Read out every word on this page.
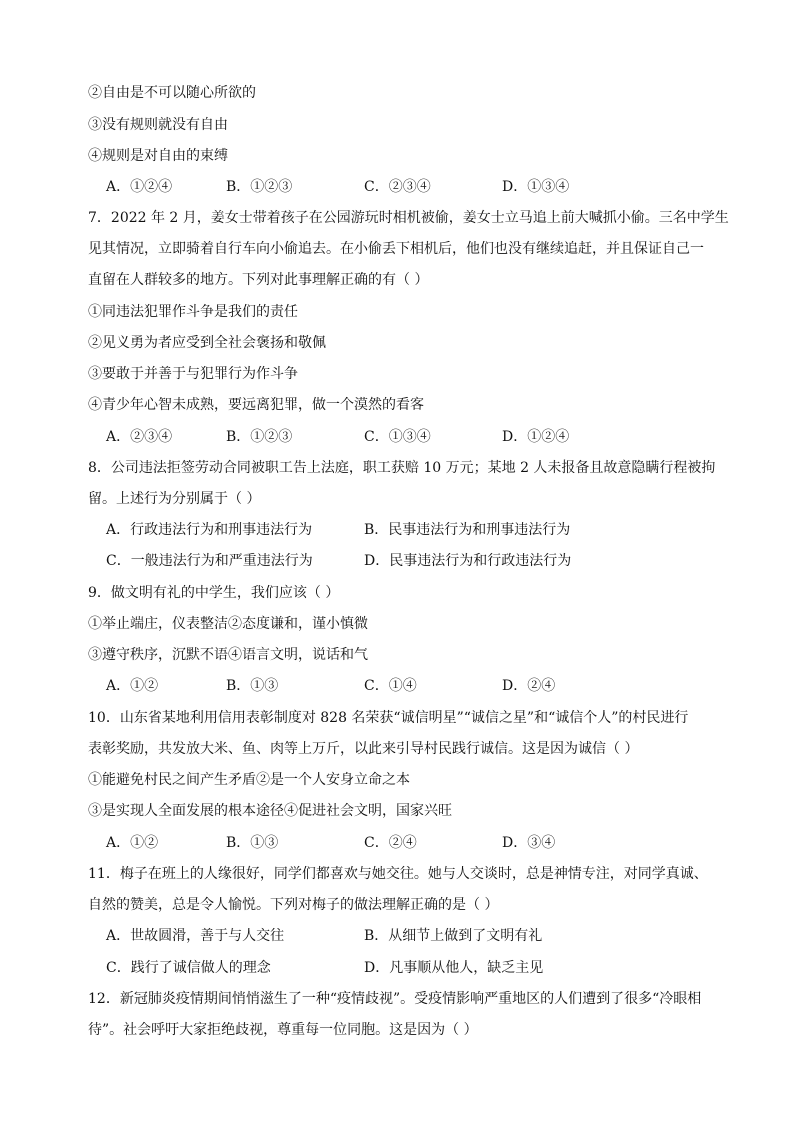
②自由是不可以随心所欲的
③没有规则就没有自由
④规则是对自由的束缚
A．①②④	B．①②③	C．②③④	D．①③④
7．2022 年 2 月，姜女士带着孩子在公园游玩时相机被偷，姜女士立马追上前大喊抓小偷。三名中学生
见其情况，立即骑着自行车向小偷追去。在小偷丢下相机后，他们也没有继续追赶，并且保证自己一
直留在人群较多的地方。下列对此事理解正确的有（ ）
①同违法犯罪作斗争是我们的责任
②见义勇为者应受到全社会褒扬和敬佩
③要敢于并善于与犯罪行为作斗争
④青少年心智未成熟，要远离犯罪，做一个漠然的看客
A．②③④	B．①②③	C．①③④	D．①②④
8．公司违法拒签劳动合同被职工告上法庭，职工获赔 10 万元；某地 2 人未报备且故意隐瞒行程被拘
留。上述行为分别属于（ ）
A．行政违法行为和刑事违法行为	B．民事违法行为和刑事违法行为
C．一般违法行为和严重违法行为	D．民事违法行为和行政违法行为
9．做文明有礼的中学生，我们应该（ ）
①举止端庄，仪表整洁②态度谦和，谨小慎微
③遵守秩序，沉默不语④语言文明，说话和气
A．①②	B．①③	C．①④	D．②④
10．山东省某地利用信用表彰制度对 828 名荣获“诚信明星”“诚信之星”和“诚信个人”的村民进行
表彰奖励，共发放大米、鱼、肉等上万斤，以此来引导村民践行诚信。这是因为诚信（ ）
①能避免村民之间产生矛盾②是一个人安身立命之本
③是实现人全面发展的根本途径④促进社会文明，国家兴旺
A．①②	B．①③	C．②④	D．③④
11．梅子在班上的人缘很好，同学们都喜欢与她交往。她与人交谈时，总是神情专注，对同学真诚、
自然的赞美，总是令人愉悦。下列对梅子的做法理解正确的是（ ）
A．世故圆滑，善于与人交往	B．从细节上做到了文明有礼
C．践行了诚信做人的理念	D．凡事顺从他人，缺乏主见
12．新冠肺炎疫情期间悄悄滋生了一种“疫情歧视”。受疫情影响严重地区的人们遭到了很多“冷眼相
待”。社会呼吁大家拒绝歧视，尊重每一位同胞。这是因为（ ）
